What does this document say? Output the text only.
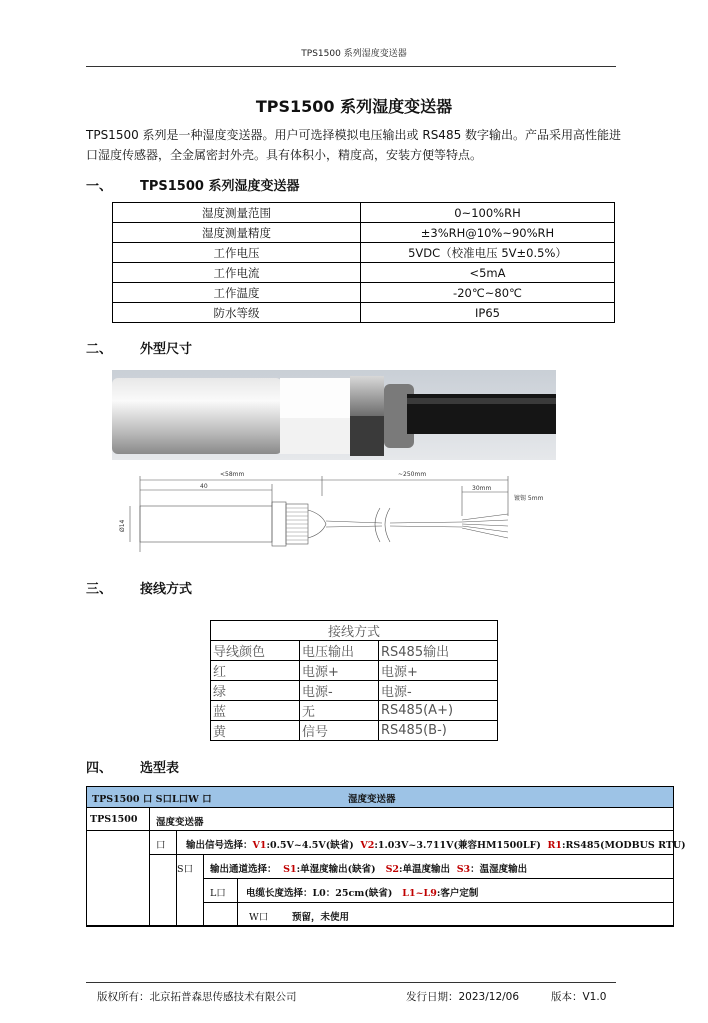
TPS1500 系列湿度变送器
TPS1500 系列湿度变送器
TPS1500 系列是一种湿度变送器。用户可选择模拟电压输出或 RS485 数字输出。产品采用高性能进口湿度传感器，全金属密封外壳。具有体积小，精度高，安装方便等特点。
一、 TPS1500 系列湿度变送器
湿度测量范围	0~100%RH
湿度测量精度	±3%RH@10%~90%RH
工作电压	5VDC（校准电压 5V±0.5%）
工作电流	<5mA
工作温度	-20℃~80℃
防水等级	IP65
二、 外型尺寸
<58mm
40
~250mm
30mm
镀锡 5mm
Ø14
三、 接线方式
接线方式		
导线颜色	电压输出	RS485输出
红	电源+	电源+
绿	电源-	电源-
蓝	无	RS485(A+)
黄	信号	RS485(B-)
四、 选型表
TPS1500 口 S口L口W 口	湿度变送器
TPS1500 湿度变送器
口 输出信号选择：V1:0.5V~4.5V(缺省) V2:1.03V~3.711V(兼容HM1500LF) R1:RS485(MODBUS RTU)
S口 输出通道选择： S1:单湿度输出(缺省) S2:单温度输出 S3：温湿度输出
L口 电缆长度选择：L0：25cm(缺省) L1~L9:客户定制
W口 预留，未使用
版权所有：北京拓普森思传感技术有限公司	发行日期：2023/12/06	版本：V1.0
